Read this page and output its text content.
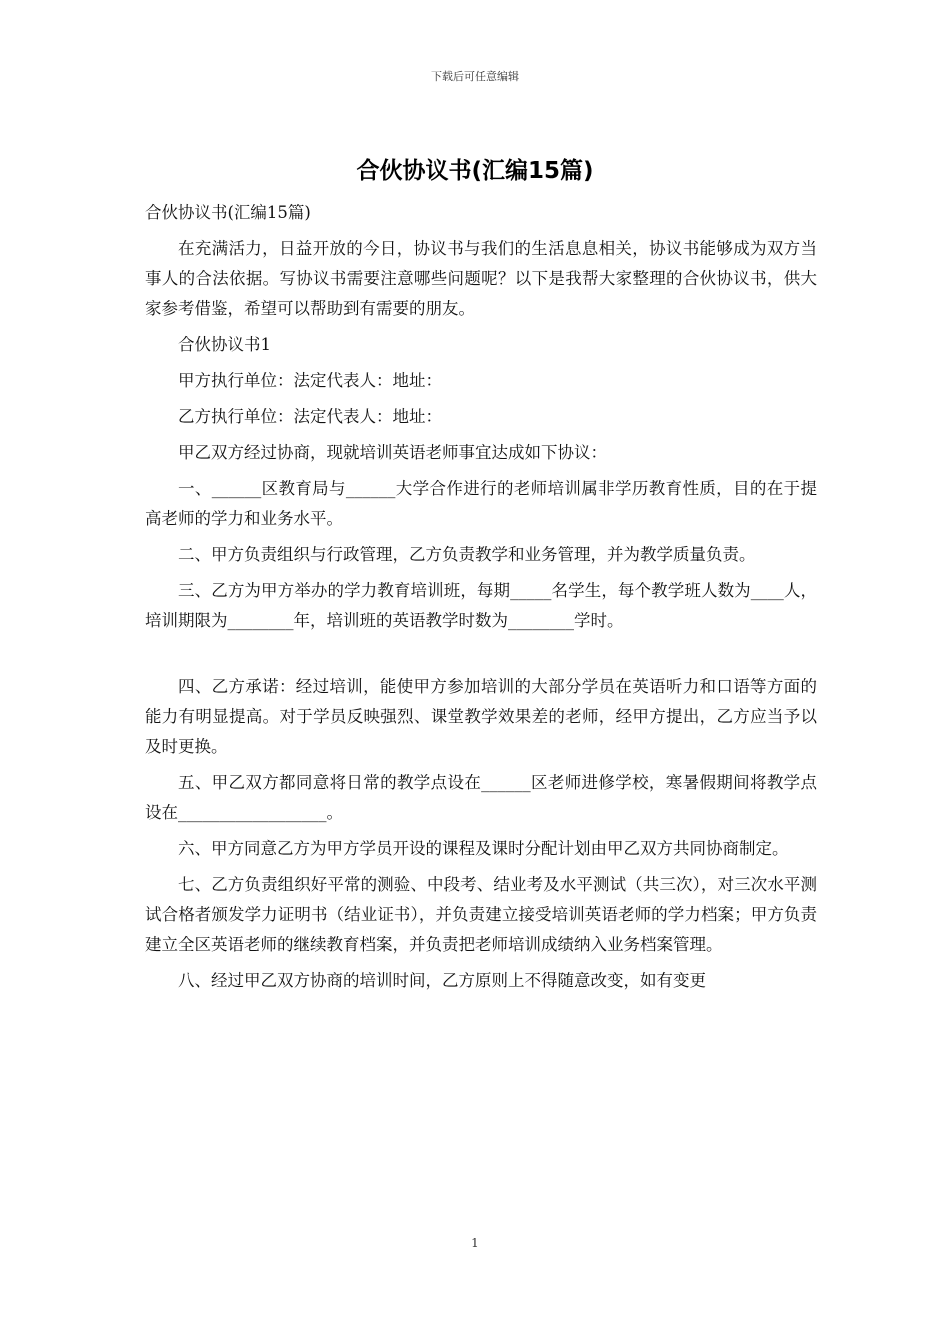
下载后可任意编辑
合伙协议书(汇编15篇)

合伙协议书(汇编15篇)

在充满活力，日益开放的今日，协议书与我们的生活息息相关，协议书能够成为双方当事人的合法依据。写协议书需要注意哪些问题呢？以下是我帮大家整理的合伙协议书，供大家参考借鉴，希望可以帮助到有需要的朋友。

合伙协议书1

甲方执行单位：法定代表人：地址：

乙方执行单位：法定代表人：地址：

甲乙双方经过协商，现就培训英语老师事宜达成如下协议：

一、______区教育局与______大学合作进行的老师培训属非学历教育性质，目的在于提高老师的学力和业务水平。

二、甲方负责组织与行政管理，乙方负责教学和业务管理，并为教学质量负责。

三、乙方为甲方举办的学力教育培训班，每期_____名学生，每个教学班人数为____人，培训期限为________年，培训班的英语教学时数为________学时。

四、乙方承诺：经过培训，能使甲方参加培训的大部分学员在英语听力和口语等方面的能力有明显提高。对于学员反映强烈、课堂教学效果差的老师，经甲方提出，乙方应当予以及时更换。

五、甲乙双方都同意将日常的教学点设在______区老师进修学校，寒暑假期间将教学点设在__________________。

六、甲方同意乙方为甲方学员开设的课程及课时分配计划由甲乙双方共同协商制定。

七、乙方负责组织好平常的测验、中段考、结业考及水平测试（共三次），对三次水平测试合格者颁发学力证明书（结业证书），并负责建立接受培训英语老师的学力档案；甲方负责建立全区英语老师的继续教育档案，并负责把老师培训成绩纳入业务档案管理。

八、经过甲乙双方协商的培训时间，乙方原则上不得随意改变，如有变更

1
